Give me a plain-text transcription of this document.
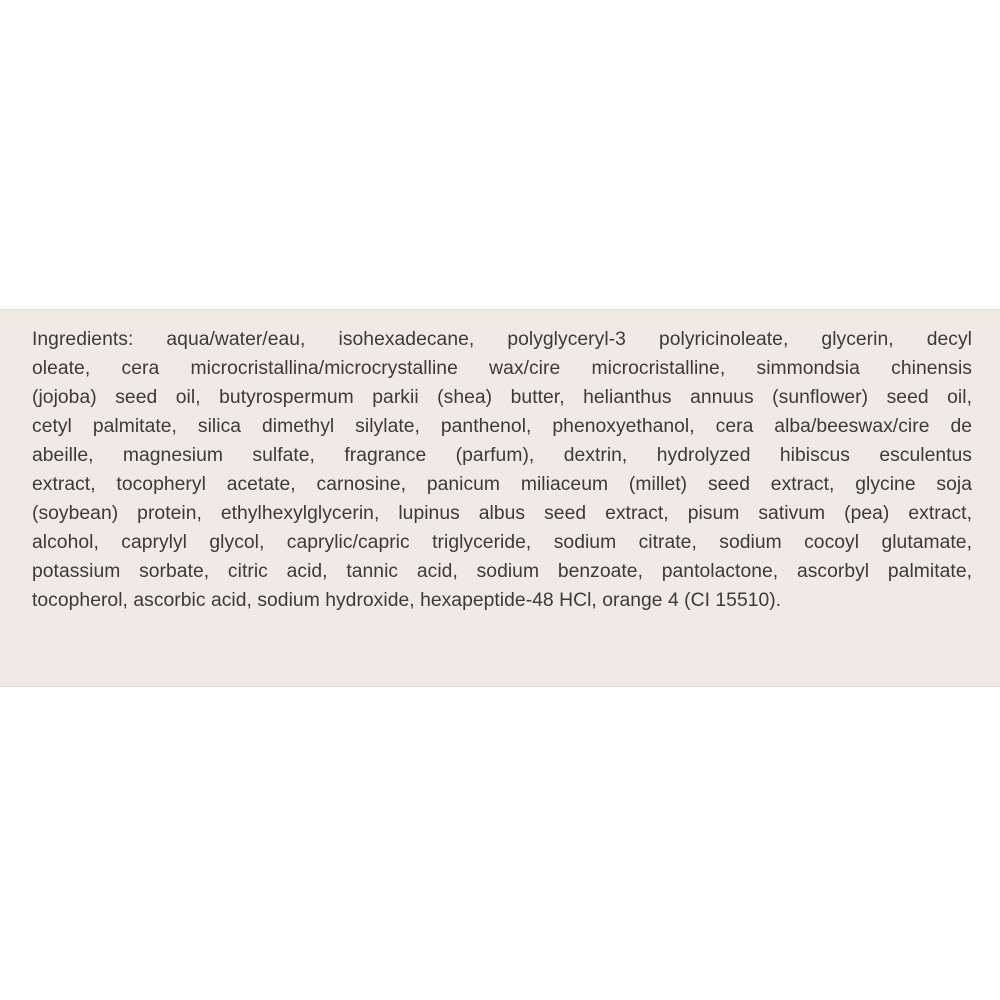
Ingredients: aqua/water/eau, isohexadecane, polyglyceryl-3 polyricinoleate, glycerin, decyl
oleate, cera microcristallina/microcrystalline wax/cire microcristalline, simmondsia chinensis
(jojoba) seed oil, butyrospermum parkii (shea) butter, helianthus annuus (sunflower) seed oil,
cetyl palmitate, silica dimethyl silylate, panthenol, phenoxyethanol, cera alba/beeswax/cire de
abeille, magnesium sulfate, fragrance (parfum), dextrin, hydrolyzed hibiscus esculentus
extract, tocopheryl acetate, carnosine, panicum miliaceum (millet) seed extract, glycine soja
(soybean) protein, ethylhexylglycerin, lupinus albus seed extract, pisum sativum (pea) extract,
alcohol, caprylyl glycol, caprylic/capric triglyceride, sodium citrate, sodium cocoyl glutamate,
potassium sorbate, citric acid, tannic acid, sodium benzoate, pantolactone, ascorbyl palmitate,
tocopherol, ascorbic acid, sodium hydroxide, hexapeptide-48 HCl, orange 4 (CI 15510).
